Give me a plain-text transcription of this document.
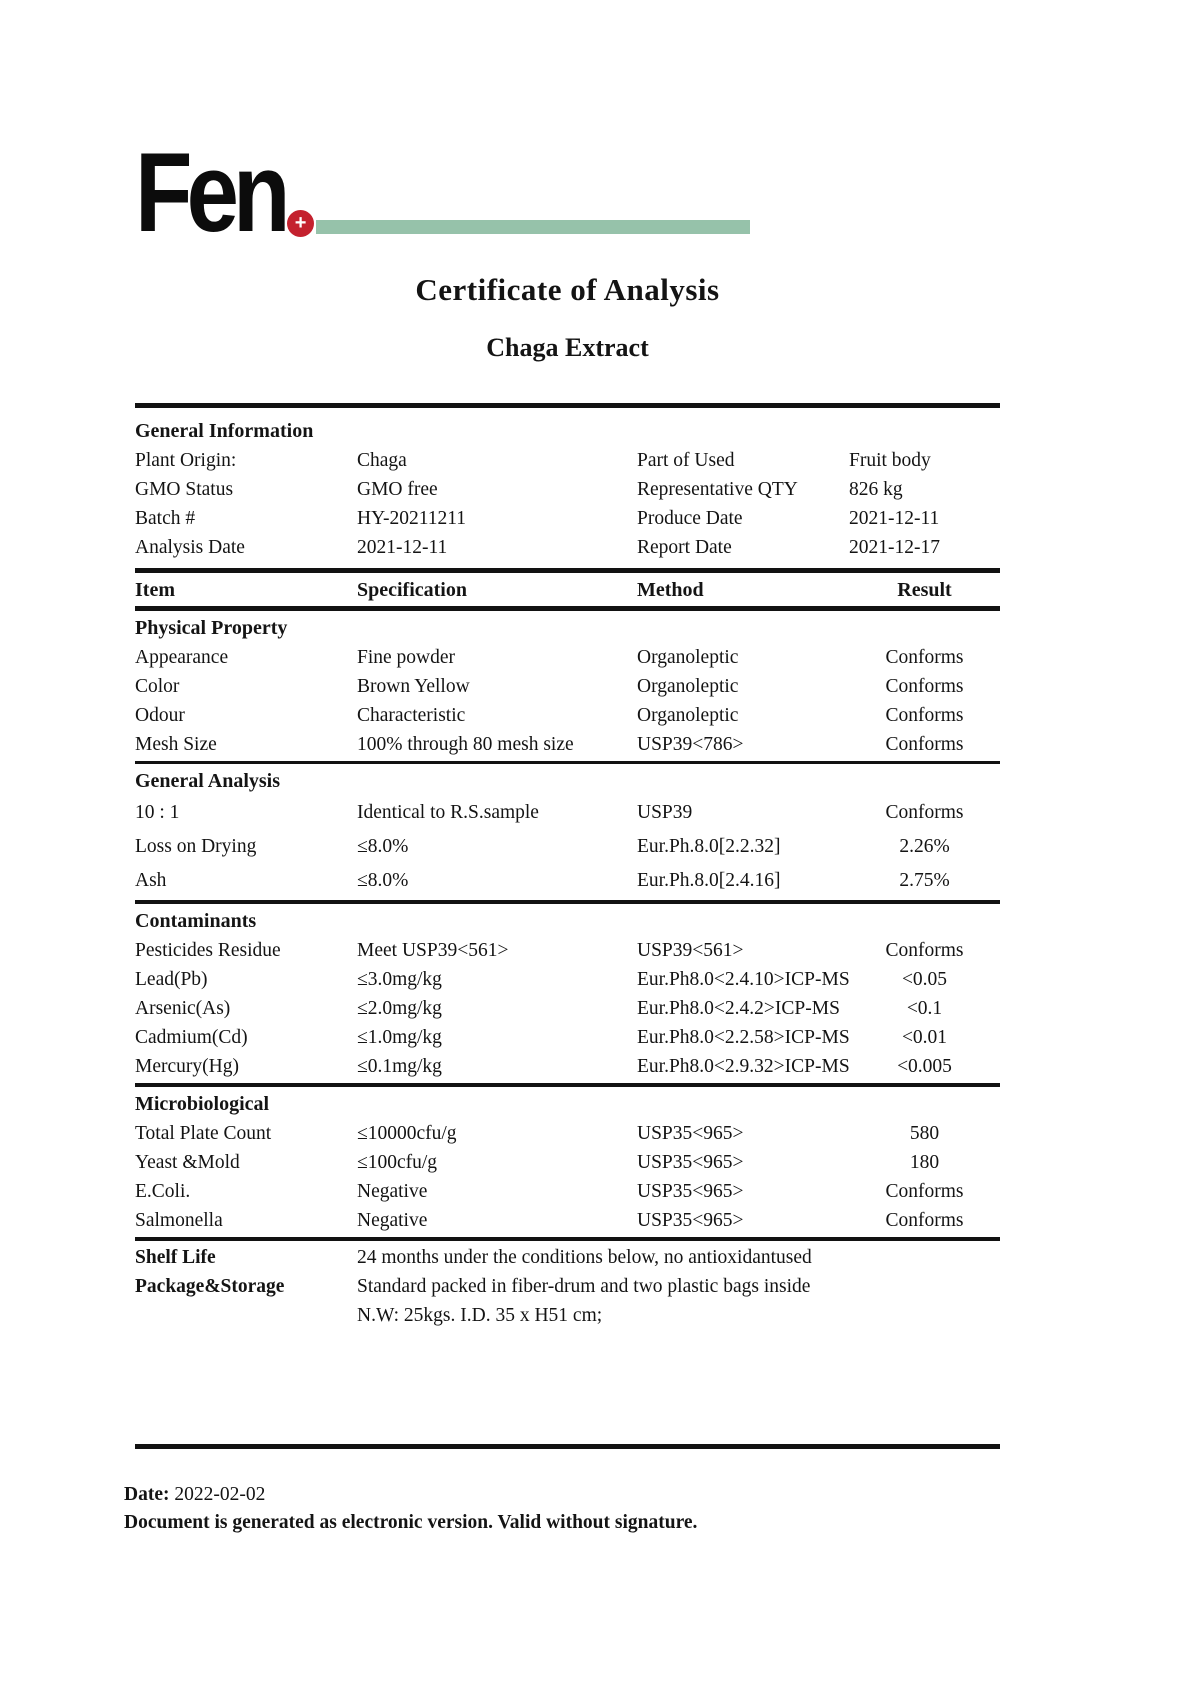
Fen +
Certificate of Analysis
Chaga Extract
General Information
Plant Origin:	Chaga	Part of Used	Fruit body
GMO Status	GMO free	Representative QTY	826 kg
Batch #	HY-20211211	Produce Date	2021-12-11
Analysis Date	2021-12-11	Report Date	2021-12-17
Item	Specification	Method	Result
Physical Property
Appearance	Fine powder	Organoleptic	Conforms
Color	Brown Yellow	Organoleptic	Conforms
Odour	Characteristic	Organoleptic	Conforms
Mesh Size	100% through 80 mesh size	USP39<786>	Conforms
General Analysis
10 : 1	Identical to R.S.sample	USP39	Conforms
Loss on Drying	≤8.0%	Eur.Ph.8.0[2.2.32]	2.26%
Ash	≤8.0%	Eur.Ph.8.0[2.4.16]	2.75%
Contaminants
Pesticides Residue	Meet USP39<561>	USP39<561>	Conforms
Lead(Pb)	≤3.0mg/kg	Eur.Ph8.0<2.4.10>ICP-MS	<0.05
Arsenic(As)	≤2.0mg/kg	Eur.Ph8.0<2.4.2>ICP-MS	<0.1
Cadmium(Cd)	≤1.0mg/kg	Eur.Ph8.0<2.2.58>ICP-MS	<0.01
Mercury(Hg)	≤0.1mg/kg	Eur.Ph8.0<2.9.32>ICP-MS	<0.005
Microbiological
Total Plate Count	≤10000cfu/g	USP35<965>	580
Yeast &Mold	≤100cfu/g	USP35<965>	180
E.Coli.	Negative	USP35<965>	Conforms
Salmonella	Negative	USP35<965>	Conforms
Shelf Life	24 months under the conditions below, no antioxidantused
Package&Storage	Standard packed in fiber-drum and two plastic bags inside
N.W: 25kgs. I.D. 35 x H51 cm;
Date: 2022-02-02
Document is generated as electronic version. Valid without signature.
